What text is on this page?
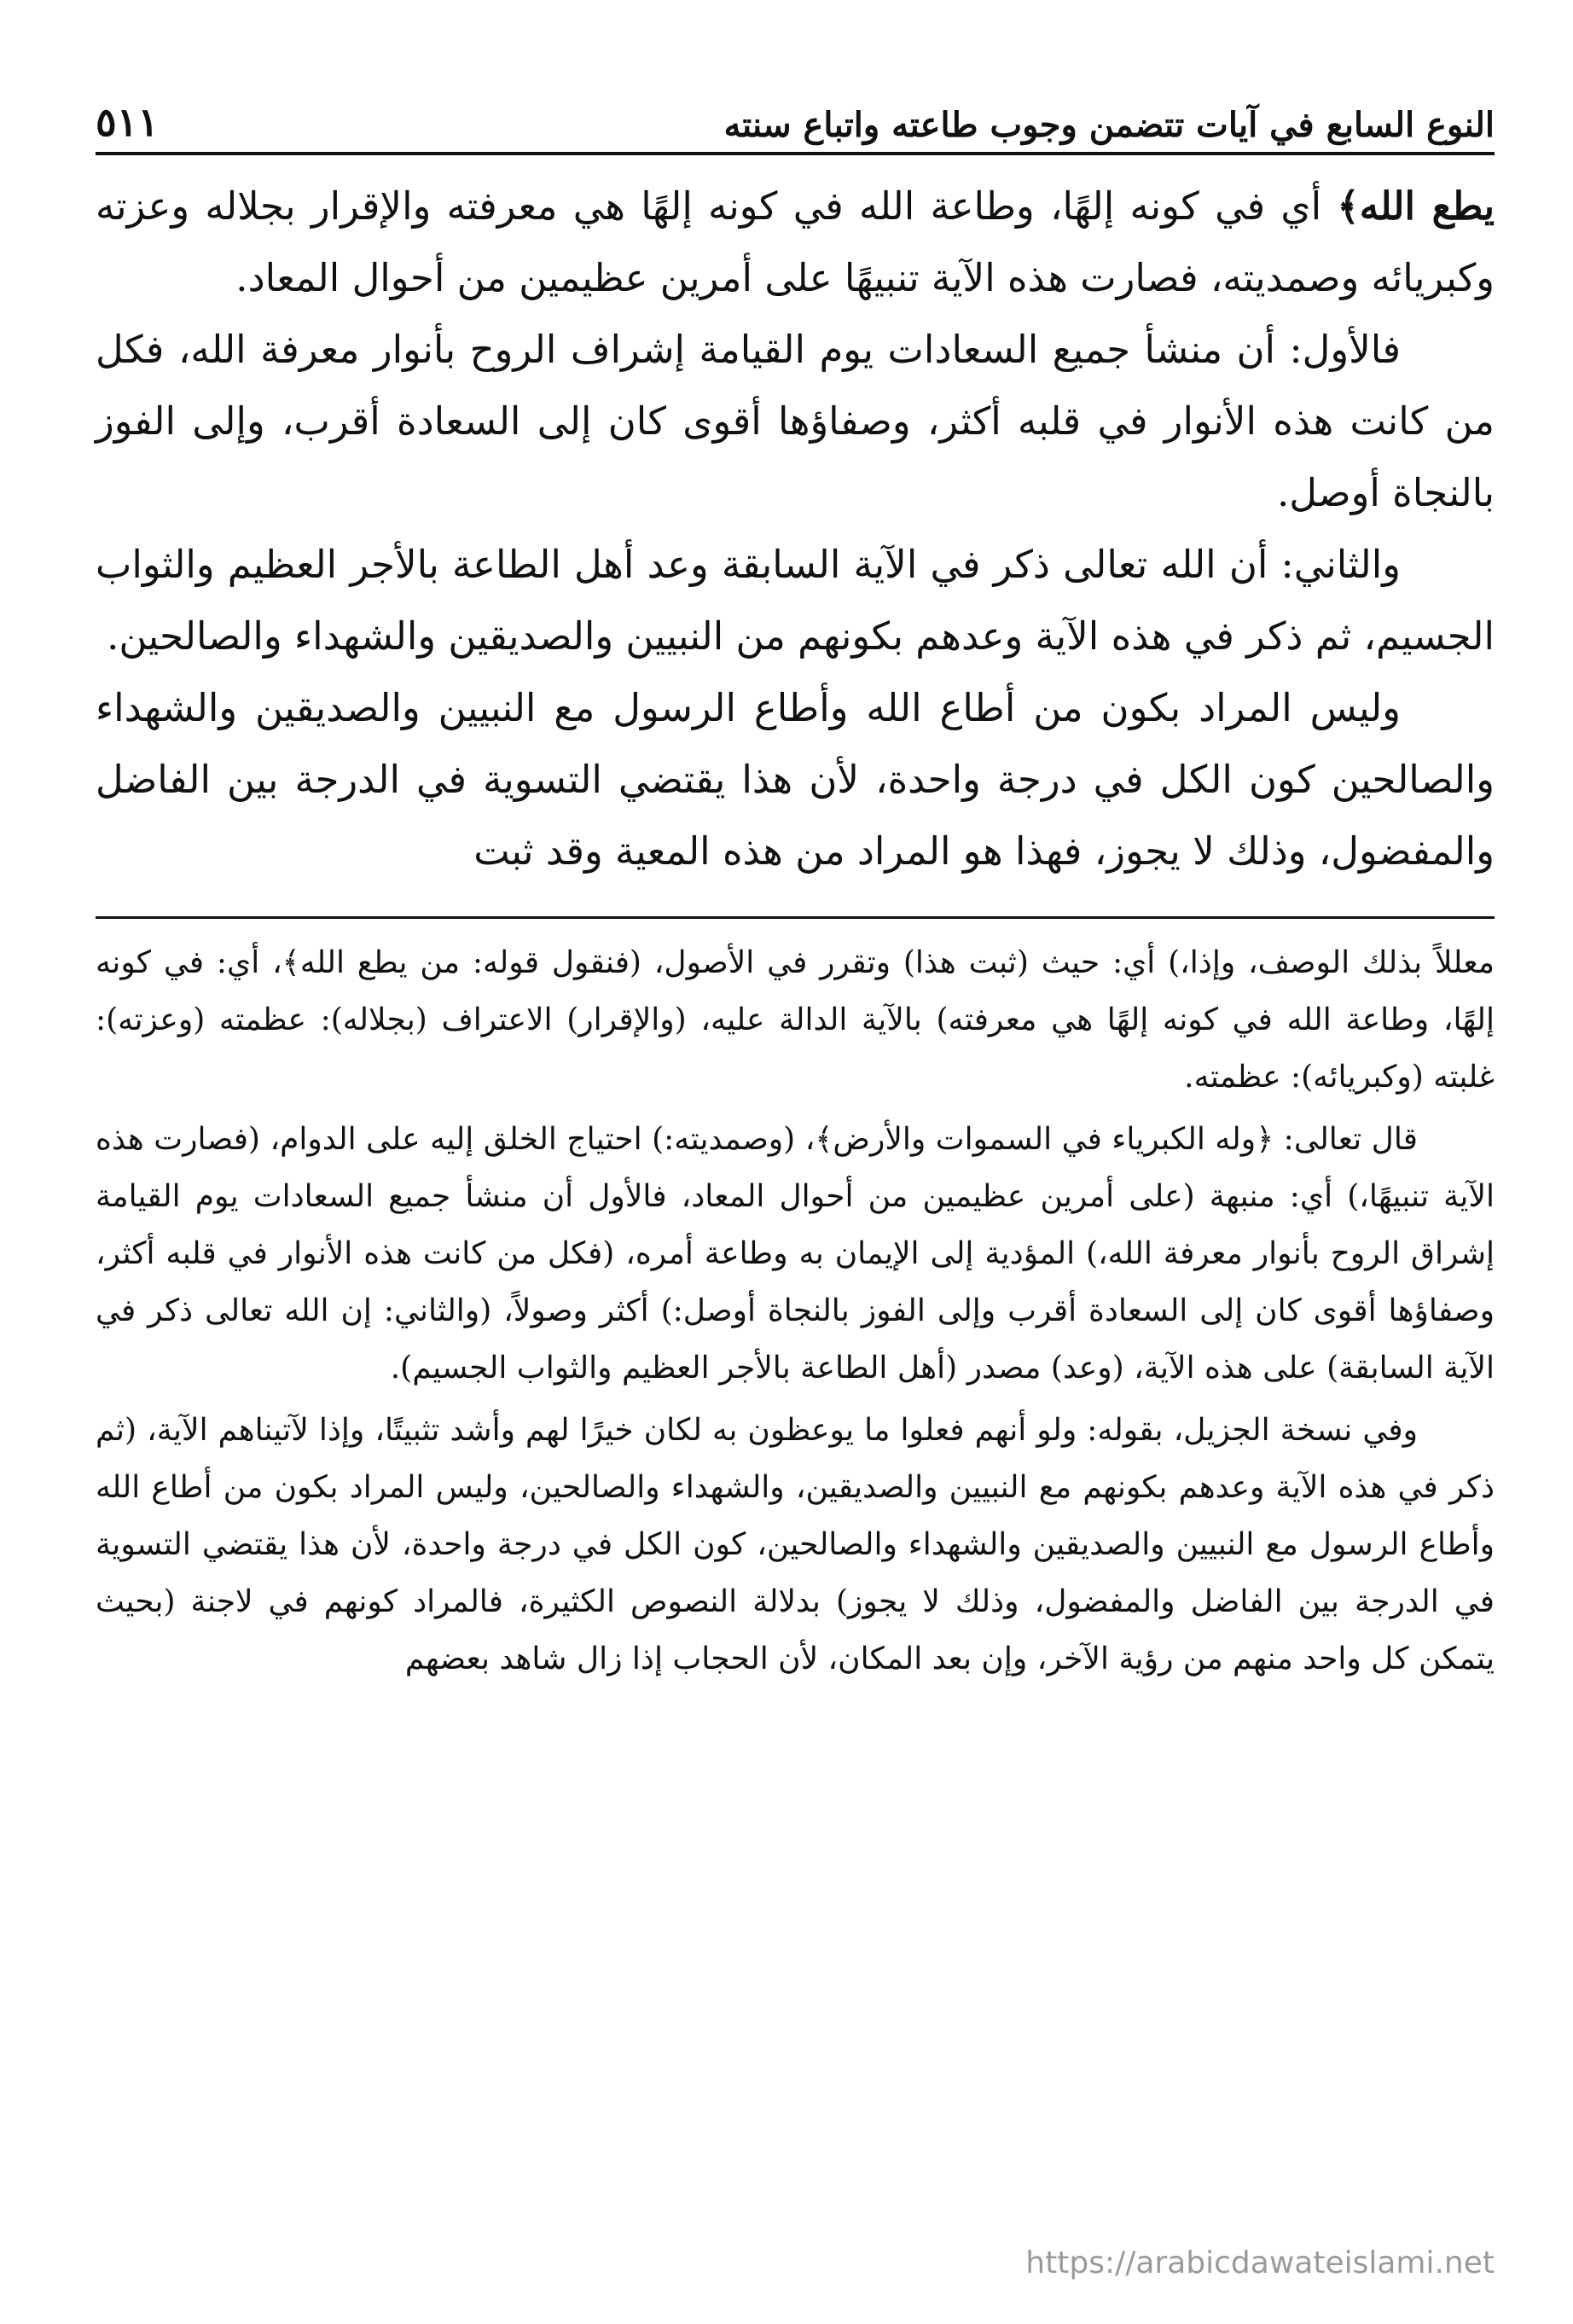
النوع السابع في آيات تتضمن وجوب طاعته واتباع سنته
٥١١

يطع الله﴾ أي في كونه إلهًا، وطاعة الله في كونه إلهًا هي معرفته والإقرار بجلاله وعزته وكبريائه وصمديته، فصارت هذه الآية تنبيهًا على أمرين عظيمين من أحوال المعاد.

فالأول: أن منشأ جميع السعادات يوم القيامة إشراف الروح بأنوار معرفة الله، فكل من كانت هذه الأنوار في قلبه أكثر، وصفاؤها أقوى كان إلى السعادة أقرب، وإلى الفوز بالنجاة أوصل.

والثاني: أن الله تعالى ذكر في الآية السابقة وعد أهل الطاعة بالأجر العظيم والثواب الجسيم، ثم ذكر في هذه الآية وعدهم بكونهم من النبيين والصديقين والشهداء والصالحين.

وليس المراد بكون من أطاع الله وأطاع الرسول مع النبيين والصديقين والشهداء والصالحين كون الكل في درجة واحدة، لأن هذا يقتضي التسوية في الدرجة بين الفاضل والمفضول، وذلك لا يجوز، فهذا هو المراد من هذه المعية وقد ثبت

معللاً بذلك الوصف، وإذا،) أي: حيث (ثبت هذا) وتقرر في الأصول، (فنقول قوله: من يطع الله﴾، أي: في كونه إلهًا، وطاعة الله في كونه إلهًا هي معرفته) بالآية الدالة عليه، (والإقرار) الاعتراف (بجلاله): عظمته (وعزته): غلبته (وكبريائه): عظمته.

قال تعالى: ﴿وله الكبرياء في السموات والأرض﴾، (وصمديته:) احتياج الخلق إليه على الدوام، (فصارت هذه الآية تنبيهًا،) أي: منبهة (على أمرين عظيمين من أحوال المعاد، فالأول أن منشأ جميع السعادات يوم القيامة إشراق الروح بأنوار معرفة الله،) المؤدية إلى الإيمان به وطاعة أمره، (فكل من كانت هذه الأنوار في قلبه أكثر، وصفاؤها أقوى كان إلى السعادة أقرب وإلى الفوز بالنجاة أوصل:) أكثر وصولاً، (والثاني: إن الله تعالى ذكر في الآية السابقة) على هذه الآية، (وعد) مصدر (أهل الطاعة بالأجر العظيم والثواب الجسيم).

وفي نسخة الجزيل، بقوله: ولو أنهم فعلوا ما يوعظون به لكان خيرًا لهم وأشد تثبيتًا، وإذا لآتيناهم الآية، (ثم ذكر في هذه الآية وعدهم بكونهم مع النبيين والصديقين، والشهداء والصالحين، وليس المراد بكون من أطاع الله وأطاع الرسول مع النبيين والصديقين والشهداء والصالحين، كون الكل في درجة واحدة، لأن هذا يقتضي التسوية في الدرجة بين الفاضل والمفضول، وذلك لا يجوز) بدلالة النصوص الكثيرة، فالمراد كونهم في لاجنة (بحيث يتمكن كل واحد منهم من رؤية الآخر، وإن بعد المكان، لأن الحجاب إذا زال شاهد بعضهم

https://arabicdawateislami.net
